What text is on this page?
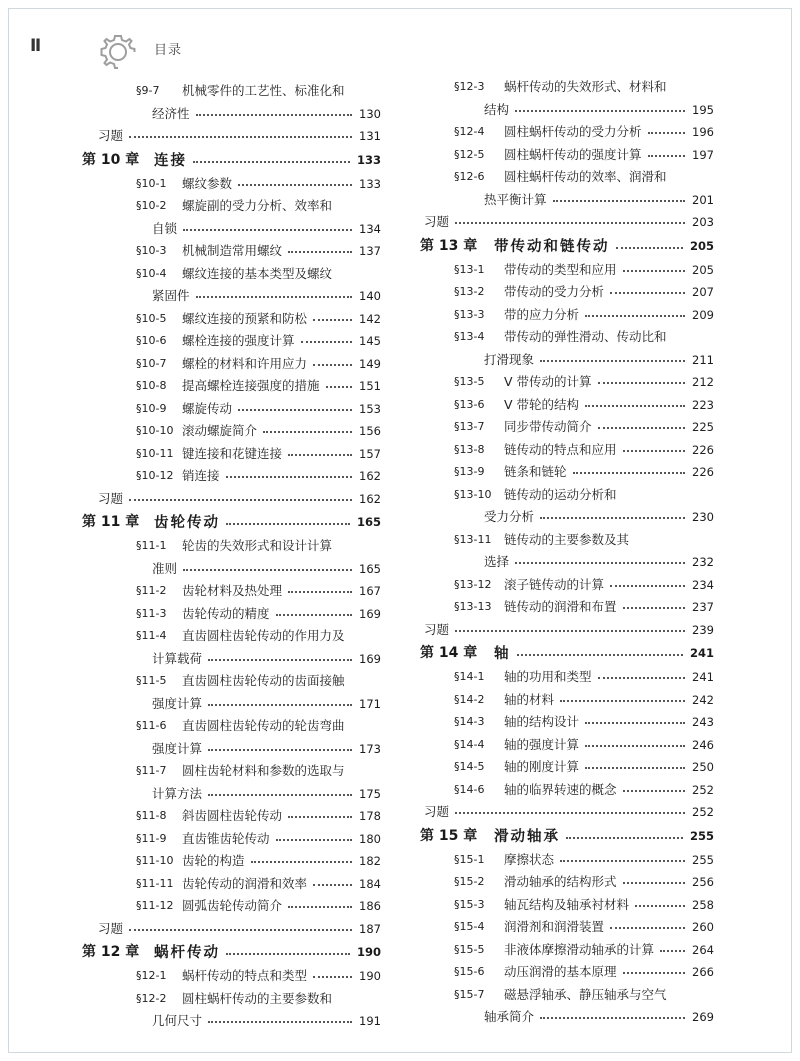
Ⅱ	目录
§9-7 机械零件的工艺性、标准化和
经济性	130
习题	131
第 10 章 连接	133
§10-1 螺纹参数	133
§10-2 螺旋副的受力分析、效率和
自锁	134
§10-3 机械制造常用螺纹	137
§10-4 螺纹连接的基本类型及螺纹
紧固件	140
§10-5 螺纹连接的预紧和防松	142
§10-6 螺栓连接的强度计算	145
§10-7 螺栓的材料和许用应力	149
§10-8 提高螺栓连接强度的措施	151
§10-9 螺旋传动	153
§10-10 滚动螺旋简介	156
§10-11 键连接和花键连接	157
§10-12 销连接	162
习题	162
第 11 章 齿轮传动	165
§11-1 轮齿的失效形式和设计计算
准则	165
§11-2 齿轮材料及热处理	167
§11-3 齿轮传动的精度	169
§11-4 直齿圆柱齿轮传动的作用力及
计算载荷	169
§11-5 直齿圆柱齿轮传动的齿面接触
强度计算	171
§11-6 直齿圆柱齿轮传动的轮齿弯曲
强度计算	173
§11-7 圆柱齿轮材料和参数的选取与
计算方法	175
§11-8 斜齿圆柱齿轮传动	178
§11-9 直齿锥齿轮传动	180
§11-10 齿轮的构造	182
§11-11 齿轮传动的润滑和效率	184
§11-12 圆弧齿轮传动简介	186
习题	187
第 12 章 蜗杆传动	190
§12-1 蜗杆传动的特点和类型	190
§12-2 圆柱蜗杆传动的主要参数和
几何尺寸	191
§12-3 蜗杆传动的失效形式、材料和
结构	195
§12-4 圆柱蜗杆传动的受力分析	196
§12-5 圆柱蜗杆传动的强度计算	197
§12-6 圆柱蜗杆传动的效率、润滑和
热平衡计算	201
习题	203
第 13 章 带传动和链传动	205
§13-1 带传动的类型和应用	205
§13-2 带传动的受力分析	207
§13-3 带的应力分析	209
§13-4 带传动的弹性滑动、传动比和
打滑现象	211
§13-5 V 带传动的计算	212
§13-6 V 带轮的结构	223
§13-7 同步带传动简介	225
§13-8 链传动的特点和应用	226
§13-9 链条和链轮	226
§13-10 链传动的运动分析和
受力分析	230
§13-11 链传动的主要参数及其
选择	232
§13-12 滚子链传动的计算	234
§13-13 链传动的润滑和布置	237
习题	239
第 14 章 轴	241
§14-1 轴的功用和类型	241
§14-2 轴的材料	242
§14-3 轴的结构设计	243
§14-4 轴的强度计算	246
§14-5 轴的刚度计算	250
§14-6 轴的临界转速的概念	252
习题	252
第 15 章 滑动轴承	255
§15-1 摩擦状态	255
§15-2 滑动轴承的结构形式	256
§15-3 轴瓦结构及轴承衬材料	258
§15-4 润滑剂和润滑装置	260
§15-5 非液体摩擦滑动轴承的计算	264
§15-6 动压润滑的基本原理	266
§15-7 磁悬浮轴承、静压轴承与空气
轴承简介	269
